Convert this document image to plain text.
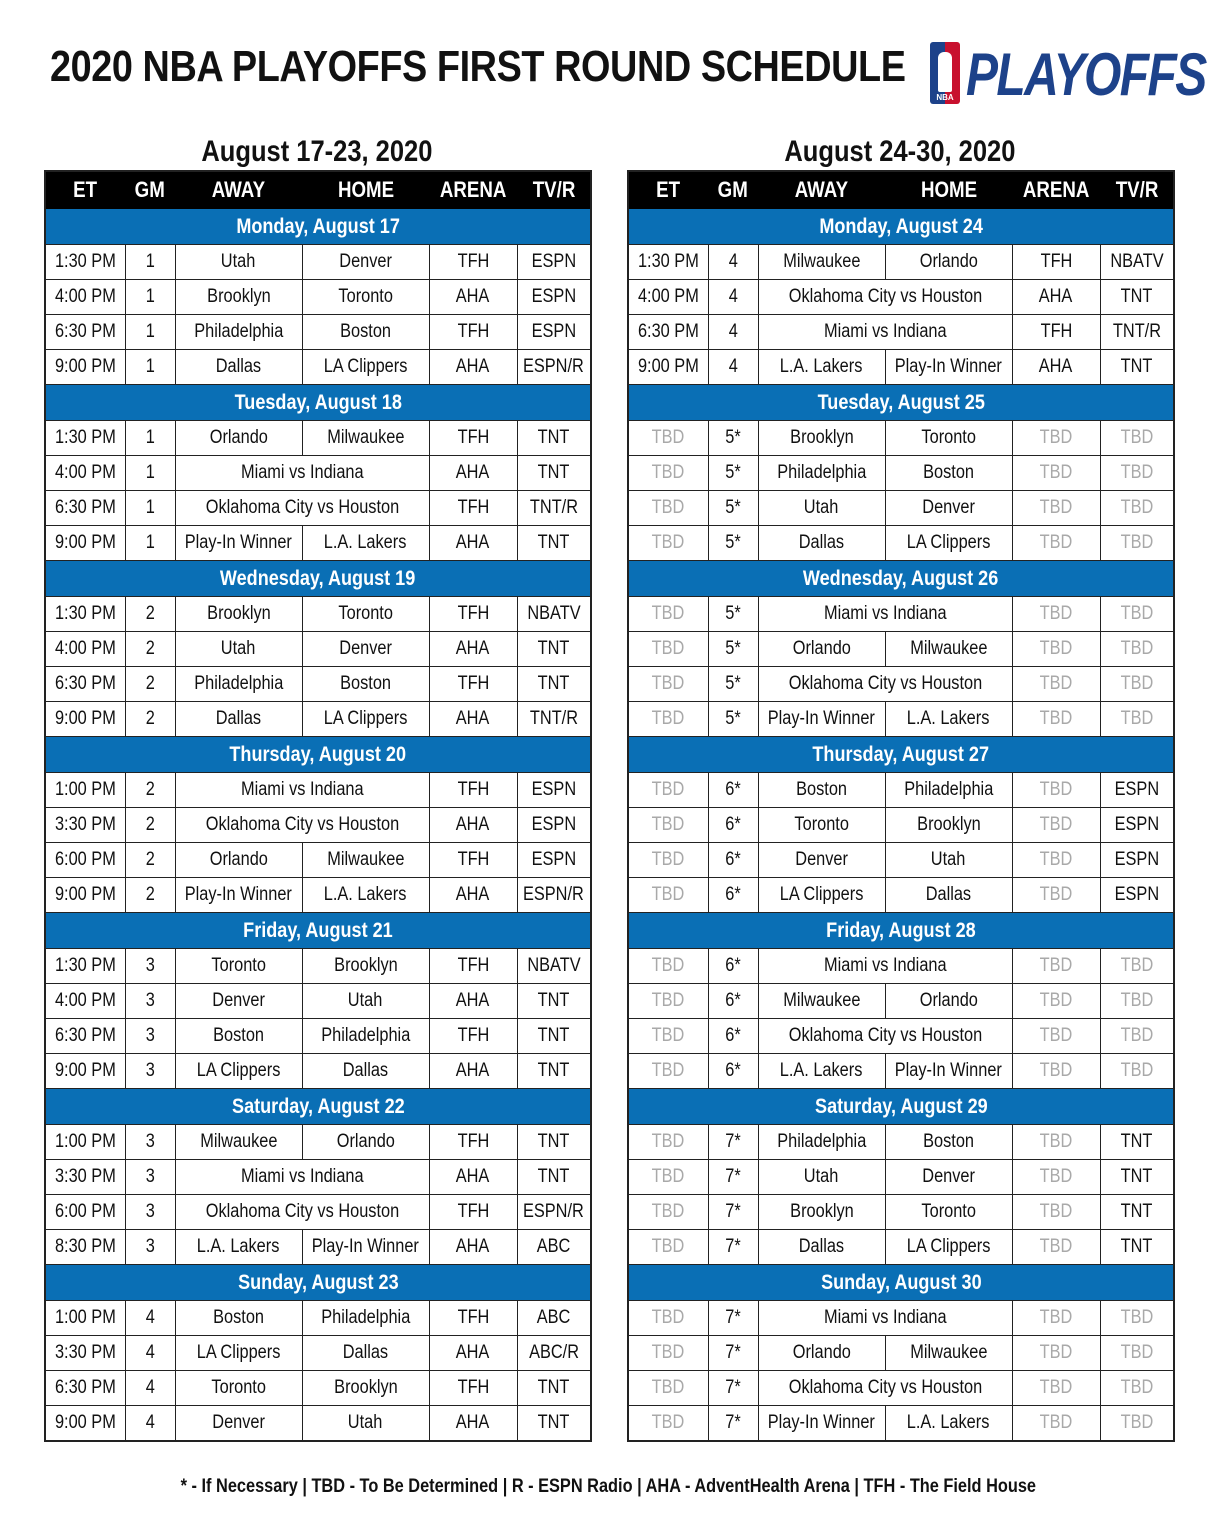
2020 NBA PLAYOFFS FIRST ROUND SCHEDULE
NBA PLAYOFFS
August 17-23, 2020
ET	GM	AWAY	HOME	ARENA	TV/R
Monday, August 17					
1:30 PM	1	Utah	Denver	TFH	ESPN
4:00 PM	1	Brooklyn	Toronto	AHA	ESPN
6:30 PM	1	Philadelphia	Boston	TFH	ESPN
9:00 PM	1	Dallas	LA Clippers	AHA	ESPN/R
Tuesday, August 18					
1:30 PM	1	Orlando	Milwaukee	TFH	TNT
4:00 PM	1	Miami vs Indiana		AHA	TNT
6:30 PM	1	Oklahoma City vs Houston		TFH	TNT/R
9:00 PM	1	Play-In Winner	L.A. Lakers	AHA	TNT
Wednesday, August 19					
1:30 PM	2	Brooklyn	Toronto	TFH	NBATV
4:00 PM	2	Utah	Denver	AHA	TNT
6:30 PM	2	Philadelphia	Boston	TFH	TNT
9:00 PM	2	Dallas	LA Clippers	AHA	TNT/R
Thursday, August 20					
1:00 PM	2	Miami vs Indiana		TFH	ESPN
3:30 PM	2	Oklahoma City vs Houston		AHA	ESPN
6:00 PM	2	Orlando	Milwaukee	TFH	ESPN
9:00 PM	2	Play-In Winner	L.A. Lakers	AHA	ESPN/R
Friday, August 21					
1:30 PM	3	Toronto	Brooklyn	TFH	NBATV
4:00 PM	3	Denver	Utah	AHA	TNT
6:30 PM	3	Boston	Philadelphia	TFH	TNT
9:00 PM	3	LA Clippers	Dallas	AHA	TNT
Saturday, August 22					
1:00 PM	3	Milwaukee	Orlando	TFH	TNT
3:30 PM	3	Miami vs Indiana		AHA	TNT
6:00 PM	3	Oklahoma City vs Houston		TFH	ESPN/R
8:30 PM	3	L.A. Lakers	Play-In Winner	AHA	ABC
Sunday, August 23					
1:00 PM	4	Boston	Philadelphia	TFH	ABC
3:30 PM	4	LA Clippers	Dallas	AHA	ABC/R
6:30 PM	4	Toronto	Brooklyn	TFH	TNT
9:00 PM	4	Denver	Utah	AHA	TNT
August 24-30, 2020
ET	GM	AWAY	HOME	ARENA	TV/R
Monday, August 24					
1:30 PM	4	Milwaukee	Orlando	TFH	NBATV
4:00 PM	4	Oklahoma City vs Houston		AHA	TNT
6:30 PM	4	Miami vs Indiana		TFH	TNT/R
9:00 PM	4	L.A. Lakers	Play-In Winner	AHA	TNT
Tuesday, August 25					
TBD	5*	Brooklyn	Toronto	TBD	TBD
TBD	5*	Philadelphia	Boston	TBD	TBD
TBD	5*	Utah	Denver	TBD	TBD
TBD	5*	Dallas	LA Clippers	TBD	TBD
Wednesday, August 26					
TBD	5*	Miami vs Indiana		TBD	TBD
TBD	5*	Orlando	Milwaukee	TBD	TBD
TBD	5*	Oklahoma City vs Houston		TBD	TBD
TBD	5*	Play-In Winner	L.A. Lakers	TBD	TBD
Thursday, August 27					
TBD	6*	Boston	Philadelphia	TBD	ESPN
TBD	6*	Toronto	Brooklyn	TBD	ESPN
TBD	6*	Denver	Utah	TBD	ESPN
TBD	6*	LA Clippers	Dallas	TBD	ESPN
Friday, August 28					
TBD	6*	Miami vs Indiana		TBD	TBD
TBD	6*	Milwaukee	Orlando	TBD	TBD
TBD	6*	Oklahoma City vs Houston		TBD	TBD
TBD	6*	L.A. Lakers	Play-In Winner	TBD	TBD
Saturday, August 29					
TBD	7*	Philadelphia	Boston	TBD	TNT
TBD	7*	Utah	Denver	TBD	TNT
TBD	7*	Brooklyn	Toronto	TBD	TNT
TBD	7*	Dallas	LA Clippers	TBD	TNT
Sunday, August 30					
TBD	7*	Miami vs Indiana		TBD	TBD
TBD	7*	Orlando	Milwaukee	TBD	TBD
TBD	7*	Oklahoma City vs Houston		TBD	TBD
TBD	7*	Play-In Winner	L.A. Lakers	TBD	TBD
* - If Necessary | TBD - To Be Determined | R - ESPN Radio | AHA - AdventHealth Arena | TFH - The Field House
